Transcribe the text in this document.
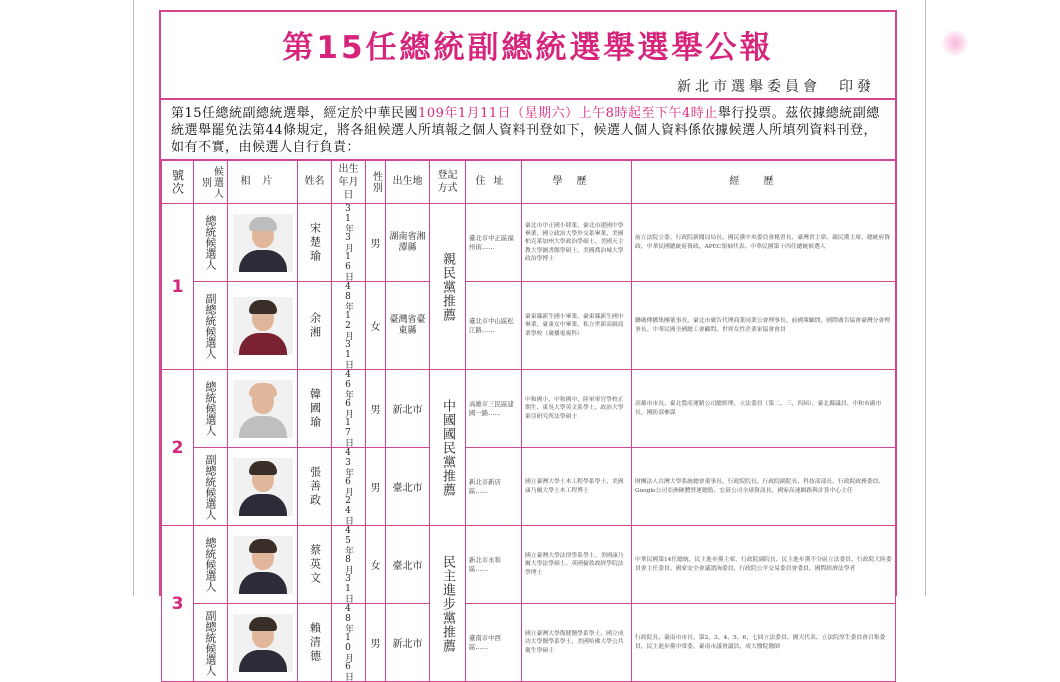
第15任總統副總統選舉選舉公報
新北市選舉委員會　印發
第15任總統副總統選舉，經定於中華民國109年1月11日（星期六）上午8時起至下午4時止舉行投票。茲依據總統副總統選舉罷免法第44條規定，將各組候選人所填報之個人資料刊登如下，候選人個人資料係依據候選人所填列資料刊登，如有不實，由候選人自行負責：
號次	候選人別	相片	姓名	出生年月日	性別	出生地	登記方式	住址	學歷	經歷
1	總統候選人		宋楚瑜	31年3月16日	男	湖南省湘潭縣	親民黨推薦	臺北市中正區福州街……	臺北市中正國小肄業、臺北市建國中學畢業、國立政治大學外交系畢業、美國柏克萊加州大學政治學碩士、美國天主教大學圖書館學碩士、美國喬治城大學政治學博士	前立法院立委、行政院新聞局局長、國民黨中央委員會秘書長、臺灣省主席、親民黨主席、總統府資政、中華民國總統府資政、APEC領袖代表、中華民國第十四任總統候選人

	副總統候選人		余湘	48年12月31日	女	臺灣省臺東縣		臺北市中山區松江路……	臺東縣新生國小畢業、臺東縣新生國中畢業、臺東女中畢業、私立世新高級商業學校（廣播電視科）	聯廣傳播集團董事長、臺北市廣告代理商業同業公會理事長、前國策顧問、國際廣告協會臺灣分會理事長、中華民國全國總工會顧問、世界女性企業家協會會員

2	總統候選人		韓國瑜	46年6月17日	男	新北市	中國國民黨推薦	高雄市三民區建國一路……	中和國小、中和國中、陸軍軍官學校正期生、東吳大學英文系學士、政治大學東亞研究所法學碩士	高雄市市長、臺北農產運銷公司總經理、立法委員（第二、三、四屆）、臺北縣議員、中和市副市長、國防部參謀

	副總統候選人		張善政	43年6月24日	男	臺北市		新北市新店區……	國立臺灣大學土木工程學系學士、美國康乃爾大學土木工程博士	財團法人台灣大學系統總會董事長、行政院院長、行政院副院長、科技部部長、行政院政務委員、Google公司亞洲硬體營運總監、宏碁公司全球資訊長、國家高速網路與計算中心主任

3	總統候選人		蔡英文	45年8月31日	女	臺北市	民主進步黨推薦	新北市永和區……	國立臺灣大學法律學系學士、美國康乃爾大學法學碩士、英國倫敦政經學院法學博士	中華民國第14任總統、民主進步黨主席、行政院副院長、民主進步黨不分區立法委員、行政院大陸委員會主任委員、國家安全會議諮詢委員、行政院公平交易委員會委員、國際經濟法學者

	副總統候選人		賴清德	48年10月6日	男	新北市		臺南市中西區……	國立臺灣大學復健醫學系學士、國立成功大學醫學系學士、美國哈佛大學公共衛生學碩士	行政院長、臺南市市長、第2、3、4、5、6、七屆立法委員、國大代表、立法院厚生委員會召集委員、民主進步黨中常委、臺南市議會議員、成大醫院醫師
